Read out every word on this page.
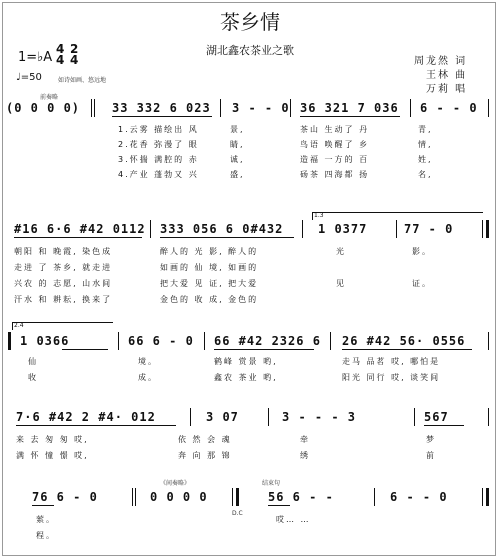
茶乡情
湖北鑫农茶业之歌
周龙然 词
王林 曲
万莉 唱
1=♭A
4
4
2
4
♩=50	如诗如画、悠远地
前奏略
(0 0 0 0)	33 332 6 023 3 - - 0 36 321 7 036 6 - - 0
1.云雾 描绘出 风	景,	茶山 生动了 丹	青,
2.花香 弥漫了 眼	睛,	鸟语 唤醒了 乡	情,
3.怀揣 满腔的 赤	诚,	造福 一方的 百	姓,
4.产业 蓬勃又 兴	盛,	砀茶 四海都 扬	名,
1.3
#16 6·6 #42 0112 333 056 6 0#432	1 0377	77 - 0
朝阳 和 晚霞, 染色成	醉人的 光 影, 醉人的	光	影。
走进 了 茶乡, 就走进	如画的 仙 境, 如画的
兴农 的 志愿, 山水间	把大爱 见 证, 把大爱	见	证。
汗水 和 耕耘, 换来了	金色的 收 成, 金色的
2.4
1 0366	66 6 - 0 66 #42 2326 6 26 #42 56· 0556
仙	境。	鹤峰 赏景 哟,	走马 品茗 哎, 哪怕是
收	成。	鑫农 茶业 哟,	阳光 同行 哎, 谈笑间
7·6 #42 2 #4· 012	3 07	3 - - - 3	567
来 去 匆 匆 哎,	依 然 会 魂	牵	梦
满 怀 憧 憬 哎,	奔 向 那 锦	绣	前
《间奏略》	结束句
76 6 - 0	0 0 0 0
D.C
56 6 - -	6 - - 0
萦。	哎… …
程。
